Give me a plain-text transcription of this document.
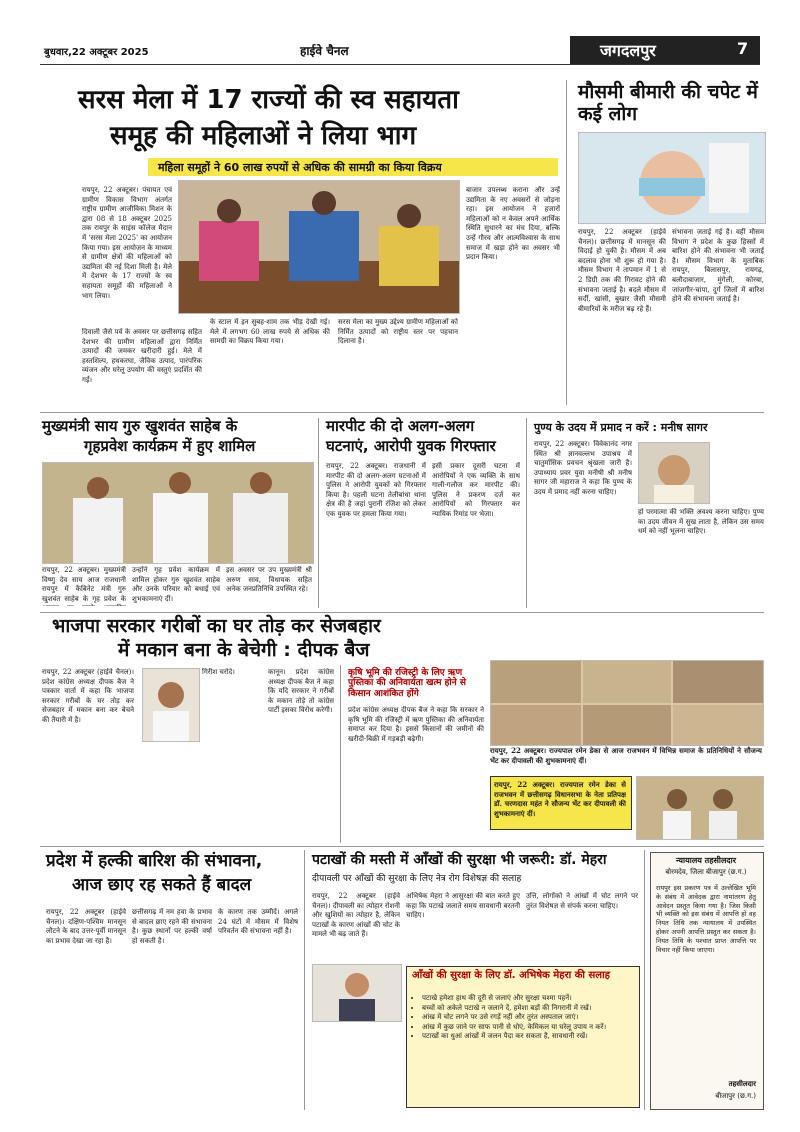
बुधवार,22 अक्टूबर 2025	हाईवे चैनल	जगदलपुर	7
सरस मेला में 17 राज्यों की स्व सहायता
समूह की महिलाओं ने लिया भाग
महिला समूहों ने 60 लाख रुपयों से अधिक की सामग्री का किया विक्रय
रायपुर, 22 अक्टूबर। पंचायत एवं ग्रामीण विकास विभाग अंतर्गत राष्ट्रीय ग्रामीण आजीविका मिशन के द्वारा 08 से 18 अक्टूबर 2025 तक रायपुर के साइंस कॉलेज मैदान में 'सरस मेला 2025' का आयोजन किया गया। इस आयोजन के माध्यम से ग्रामीण क्षेत्रों की महिलाओं को उद्यमिता की नई दिशा मिली है। मेले में देशभर के 17 राज्यों के स्व सहायता समूहों की महिलाओं ने भाग लिया।
बाजार उपलब्ध कराना और उन्हें उद्यमिता के नए अवसरों से जोड़ना रहा। इस आयोजन ने हजारों महिलाओं को न केवल अपने आर्थिक स्थिति सुधारने का मंच दिया, बल्कि उन्हें गौरव और आत्मविश्वास के साथ समाज में खड़ा होने का अवसर भी प्रदान किया।
दिवाली जैसे पर्व के अवसर पर छत्तीसगढ़ सहित देशभर की ग्रामीण महिलाओं द्वारा निर्मित उत्पादों की जमकर खरीदारी हुई। मेले में हस्तशिल्प, हथकरघा, जैविक उत्पाद, पारंपरिक व्यंजन और घरेलू उपयोग की वस्तुएं प्रदर्शित की गईं।
के स्टाल में इन सुबह-शाम तक भीड़ देखी गई। मेले में लगभग 60 लाख रुपये से अधिक की सामग्री का विक्रय किया गया।
सरस मेला का मुख्य उद्देश्य ग्रामीण महिलाओं को निर्मित उत्पादों को राष्ट्रीय स्तर पर पहचान दिलाना है।
मौसमी बीमारी की चपेट में कई लोग
रायपुर, 22 अक्टूबर (हाईवे चैनल)। छत्तीसगढ़ में मानसून की विदाई हो चुकी है। मौसम में अब बदलाव होना भी शुरू हो गया है। मौसम विभाग ने तापमान में 1 से 2 डिग्री तक की गिरावट होने की संभावना जताई है। बदले मौसम में सर्दी, खांसी, बुखार जैसी मौसमी बीमारियों के मरीज बढ़ रहे हैं।
संभावना जताई गई है। वहीं मौसम विभाग ने प्रदेश के कुछ हिस्सों में बारिश होने की संभावना भी जताई है। मौसम विभाग के मुताबिक रायपुर, बिलासपुर, रायगढ़, बलौदाबाजार, मुंगेली, कोरबा, जांजगीर-चांपा, दुर्ग जिलों में बारिश होने की संभावना जताई है।
मुख्यमंत्री साय गुरु खुशवंत साहेब के
गृहप्रवेश कार्यक्रम में हुए शामिल
रायपुर, 22 अक्टूबर। मुख्यमंत्री विष्णु देव साय आज राजधानी रायपुर में कैबिनेट मंत्री गुरु खुशवंत साहेब के गृह प्रवेश के
उन्होंने गृह प्रवेश कार्यक्रम में शामिल होकर गुरु खुशवंत साहेब और उनके परिवार को बधाई एवं शुभकामनाएं दीं।
इस अवसर पर उप मुख्यमंत्री श्री अरुण साव, विधायक सहित अनेक जनप्रतिनिधि उपस्थित रहे।
मारपीट की दो अलग-अलग
घटनाएं, आरोपी युवक गिरफ्तार
रायपुर, 22 अक्टूबर। राजधानी में मारपीट की दो अलग-अलग घटनाओं में पुलिस ने आरोपी युवकों को गिरफ्तार किया है। पहली घटना तेलीबांधा थाना क्षेत्र की है जहां पुरानी रंजिश को लेकर एक युवक पर हमला किया गया।
इसी प्रकार दूसरी घटना में आरोपियों ने एक व्यक्ति के साथ गाली-गलौज कर मारपीट की। पुलिस ने प्रकरण दर्ज कर आरोपियों को गिरफ्तार कर न्यायिक रिमांड पर भेजा।
पुण्य के उदय में प्रमाद न करें : मनीष सागर
रायपुर, 22 अक्टूबर। विवेकानंद नगर स्थित श्री ज्ञानवल्लभ उपाश्रय में चातुर्मासिक प्रवचन श्रृंखला जारी है। उपाध्याय प्रवर युवा मनीषी श्री मनीष सागर जी महाराज ने कहा कि पुण्य के उदय में प्रमाद नहीं करना चाहिए।
हो परमात्मा की भक्ति अवश्य करना चाहिए। पुण्य का उदय जीवन में सुख लाता है, लेकिन उस समय धर्म को नहीं भूलना चाहिए।
भाजपा सरकार गरीबों का घर तोड़ कर सेजबहार
में मकान बना के बेचेगी : दीपक बैज
रायपुर, 22 अक्टूबर (हाईवे चैनल)। प्रदेश कांग्रेस अध्यक्ष दीपक बैज ने पत्रकार वार्ता में कहा कि भाजपा सरकार गरीबों के घर तोड़ कर सेजबहार में मकान बना कर बेचने की तैयारी में है।
गिरीश चरोदे।	कानून। प्रदेश कांग्रेस अध्यक्ष दीपक बैज ने कहा कि यदि सरकार ने गरीबों के मकान तोड़े तो कांग्रेस पार्टी इसका विरोध करेगी।
कृषि भूमि की रजिस्ट्री के लिए ऋण पुस्तिका की अनिवार्यता खत्म होने से किसान आशंकित होंगे
प्रदेश कांग्रेस अध्यक्ष दीपक बैज ने कहा कि सरकार ने कृषि भूमि की रजिस्ट्री में ऋण पुस्तिका की अनिवार्यता समाप्त कर दिया है। इससे किसानों की जमीनों की खरीदी-बिक्री में गड़बड़ी बढ़ेगी।
रायपुर, 22 अक्टूबर। राज्यपाल रमेन डेका से आज राजभवन में विभिन्न समाज के प्रतिनिधियों ने सौजन्य भेंट कर दीपावली की शुभकामनाएं दीं।
रायपुर, 22 अक्टूबर। राज्यपाल रमेन डेका से राजभवन में छत्तीसगढ़ विधानसभा के नेता प्रतिपक्ष डॉ. चरणदास महंत ने सौजन्य भेंट कर दीपावली की शुभकामनाएं दीं।
प्रदेश में हल्की बारिश की संभावना,
आज छाए रह सकते हैं बादल
रायपुर, 22 अक्टूबर (हाईवे चैनल)। दक्षिण-पश्चिम मानसून लौटने के बाद उत्तर-पूर्वी मानसून का प्रभाव देखा जा रहा है।
छत्तीसगढ़ में नम हवा के प्रभाव से बादल छाए रहने की संभावना है। कुछ स्थानों पर हल्की वर्षा हो सकती है।
के कारण तक उम्मीदें। अगले 24 घंटों में मौसम में विशेष परिवर्तन की संभावना नहीं है।
पटाखों की मस्ती में आँखों की सुरक्षा भी जरूरी: डॉ. मेहरा
दीपावली पर आँखों की सुरक्षा के लिए नेत्र रोग विशेषज्ञ की सलाह
रायपुर, 22 अक्टूबर (हाईवे चैनल)। दीपावली का त्योहार रोशनी और खुशियों का त्योहार है, लेकिन पटाखों के कारण आंखों की चोट के मामले भी बढ़ जाते हैं।
अभिषेक मेहरा ने आसुरक्षा की बात करते हुए कहा कि पटाखे जलाते समय सावधानी बरतनी चाहिए।
उत्ति, लोगोंको ने आंखों में चोट लगने पर तुरंत विशेषज्ञ से संपर्क करना चाहिए।
आँखों की सुरक्षा के लिए डॉ. अभिषेक मेहरा की सलाह
• पटाखे हमेशा हाथ की दूरी से जलाएं और सुरक्षा चश्मा पहनें।
• बच्चों को अकेले पटाखे न जलाने दें, हमेशा बड़ों की निगरानी में रखें।
• आंख में चोट लगने पर उसे रगड़ें नहीं और तुरंत अस्पताल जाएं।
• आंख में कुछ जाने पर साफ पानी से धोएं, केमिकल या घरेलू उपाय न करें।
• पटाखों का धुआं आंखों में जलन पैदा कर सकता है, सावधानी रखें।
न्यायालय तहसीलदार
बोरमदेव, जिला बीजापुर (छ.ग.)
रायपुर इस प्रकरण पत्र में उल्लेखित भूमि के संबंध में आवेदक द्वारा नामांतरण हेतु आवेदन प्रस्तुत किया गया है। जिस किसी भी व्यक्ति को इस संबंध में आपत्ति हो वह नियत तिथि तक न्यायालय में उपस्थित होकर अपनी आपत्ति प्रस्तुत कर सकता है। नियत तिथि के पश्चात प्राप्त आपत्ति पर विचार नहीं किया जाएगा।
तहसीलदार
बीजापुर (छ.ग.)
